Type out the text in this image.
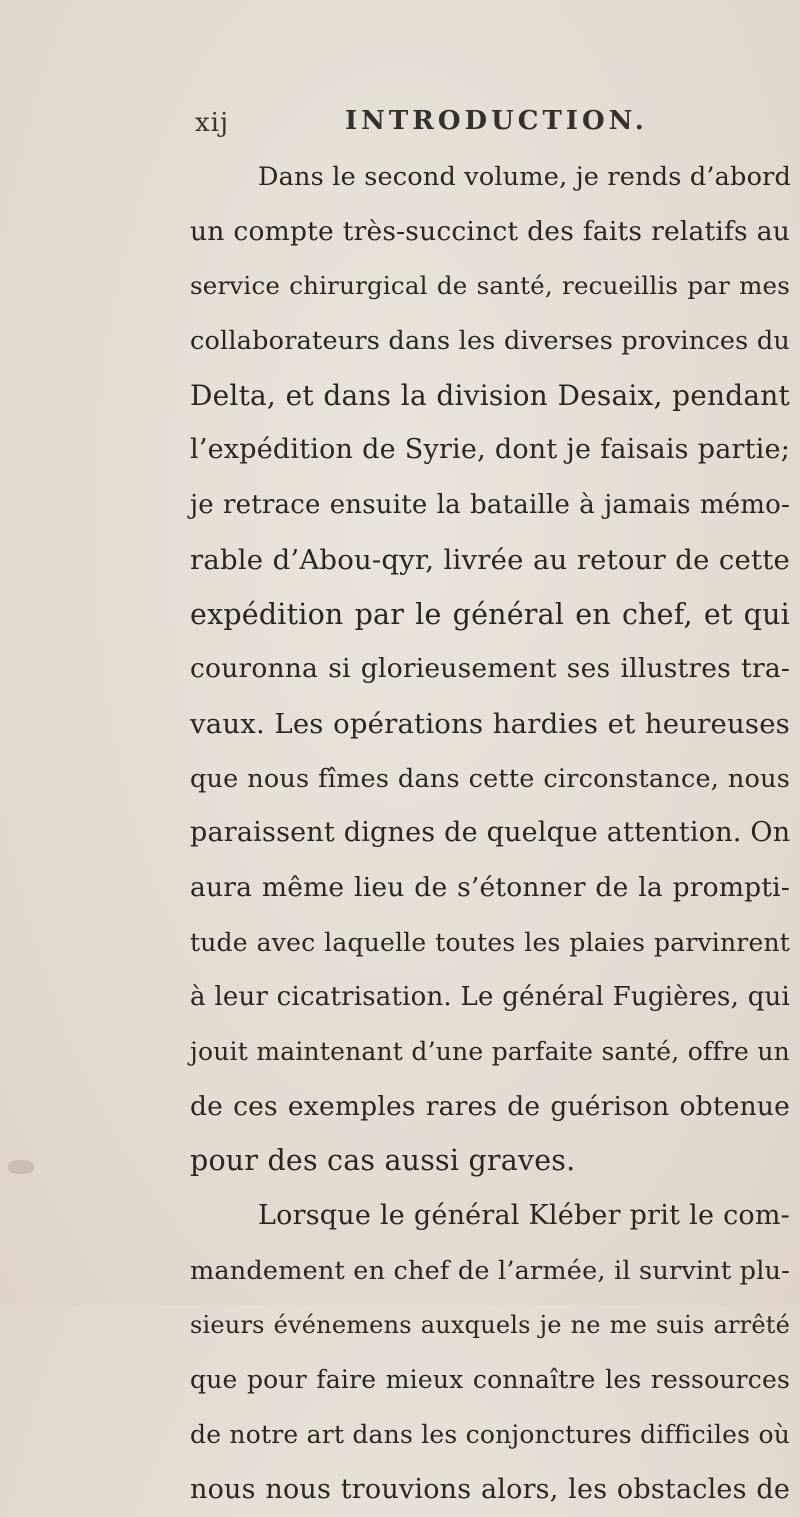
xij	INTRODUCTION.
Dans le second volume, je rends d’abord
un compte très-succinct des faits relatifs au
service chirurgical de santé, recueillis par mes
collaborateurs dans les diverses provinces du
Delta, et dans la division Desaix, pendant
l’expédition de Syrie, dont je faisais partie;
je retrace ensuite la bataille à jamais mémo-
rable d’Abou-qyr, livrée au retour de cette
expédition par le général en chef, et qui
couronna si glorieusement ses illustres tra-
vaux. Les opérations hardies et heureuses
que nous fîmes dans cette circonstance, nous
paraissent dignes de quelque attention. On
aura même lieu de s’étonner de la prompti-
tude avec laquelle toutes les plaies parvinrent
à leur cicatrisation. Le général Fugières, qui
jouit maintenant d’une parfaite santé, offre un
de ces exemples rares de guérison obtenue
pour des cas aussi graves.
Lorsque le général Kléber prit le com-
mandement en chef de l’armée, il survint plu-
sieurs événemens auxquels je ne me suis arrêté
que pour faire mieux connaître les ressources
de notre art dans les conjonctures difficiles où
nous nous trouvions alors, les obstacles de
